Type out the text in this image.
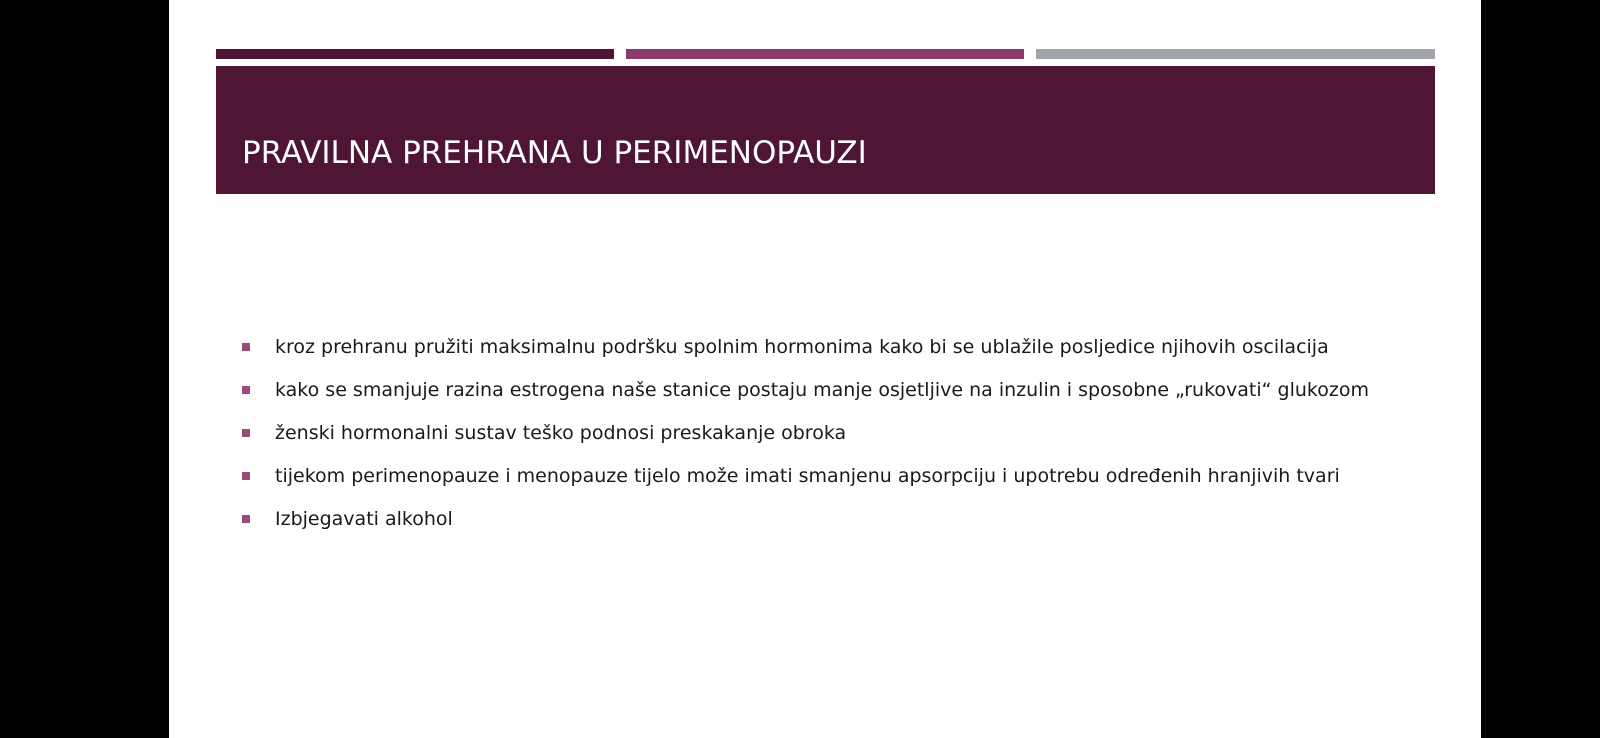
PRAVILNA PREHRANA U PERIMENOPAUZI
kroz prehranu pružiti maksimalnu podršku spolnim hormonima kako bi se ublažile posljedice njihovih oscilacija
kako se smanjuje razina estrogena naše stanice postaju manje osjetljive na inzulin i sposobne „rukovati“ glukozom
ženski hormonalni sustav teško podnosi preskakanje obroka
tijekom perimenopauze i menopauze tijelo može imati smanjenu apsorpciju i upotrebu određenih hranjivih tvari
Izbjegavati alkohol
